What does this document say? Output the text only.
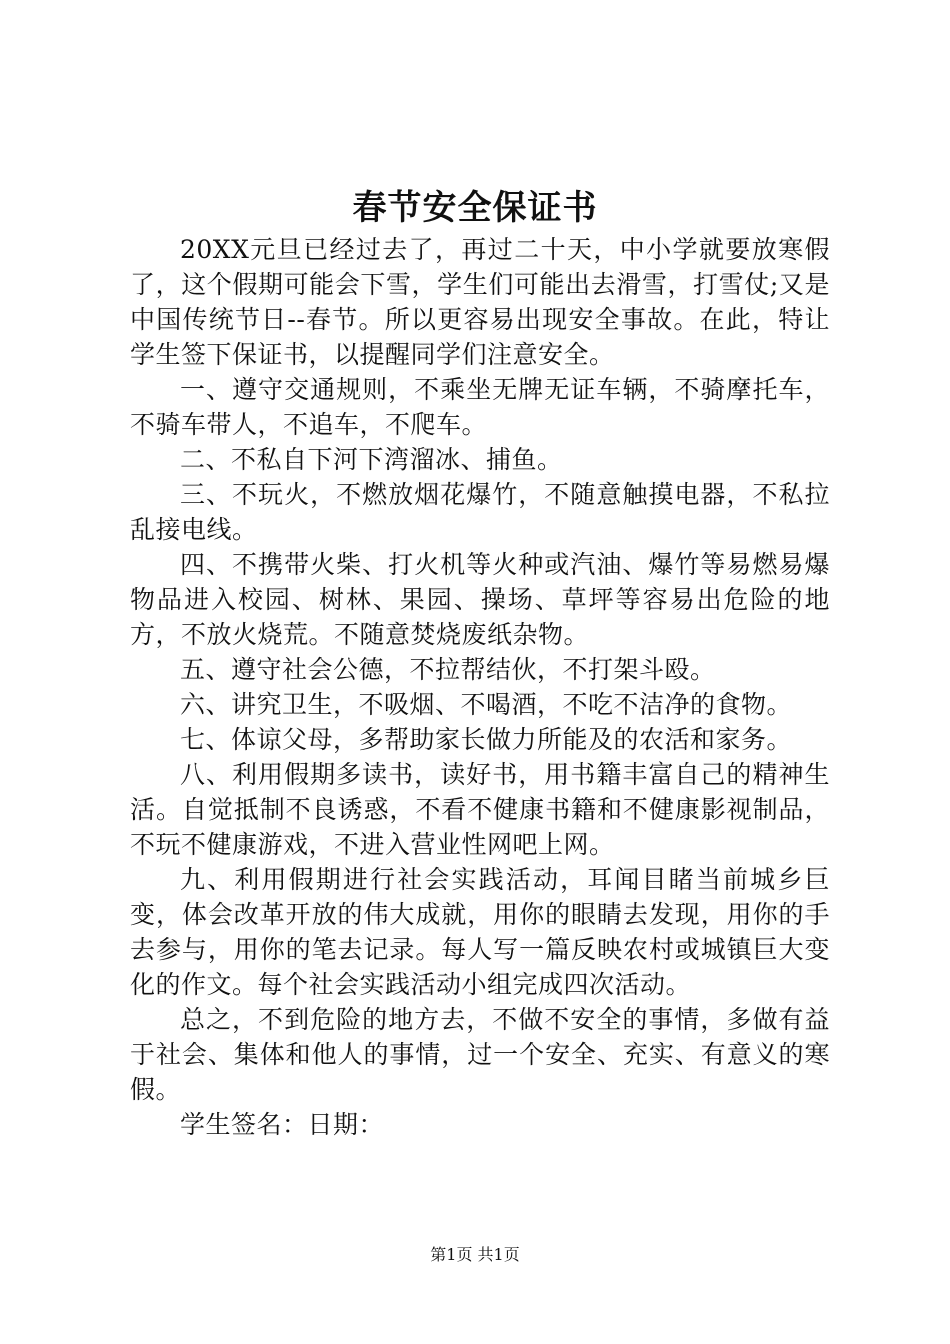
春节安全保证书

20XX元旦已经过去了，再过二十天，中小学就要放寒假了，这个假期可能会下雪，学生们可能出去滑雪，打雪仗;又是中国传统节日--春节。所以更容易出现安全事故。在此，特让学生签下保证书，以提醒同学们注意安全。

一、遵守交通规则，不乘坐无牌无证车辆，不骑摩托车，不骑车带人，不追车，不爬车。

二、不私自下河下湾溜冰、捕鱼。

三、不玩火，不燃放烟花爆竹，不随意触摸电器，不私拉乱接电线。

四、不携带火柴、打火机等火种或汽油、爆竹等易燃易爆物品进入校园、树林、果园、操场、草坪等容易出危险的地方，不放火烧荒。不随意焚烧废纸杂物。

五、遵守社会公德，不拉帮结伙，不打架斗殴。

六、讲究卫生，不吸烟、不喝酒，不吃不洁净的食物。

七、体谅父母，多帮助家长做力所能及的农活和家务。

八、利用假期多读书，读好书，用书籍丰富自己的精神生活。自觉抵制不良诱惑，不看不健康书籍和不健康影视制品，不玩不健康游戏，不进入营业性网吧上网。

九、利用假期进行社会实践活动，耳闻目睹当前城乡巨变，体会改革开放的伟大成就，用你的眼睛去发现，用你的手去参与，用你的笔去记录。每人写一篇反映农村或城镇巨大变化的作文。每个社会实践活动小组完成四次活动。

总之，不到危险的地方去，不做不安全的事情，多做有益于社会、集体和他人的事情，过一个安全、充实、有意义的寒假。

学生签名：日期：

第1页 共1页
